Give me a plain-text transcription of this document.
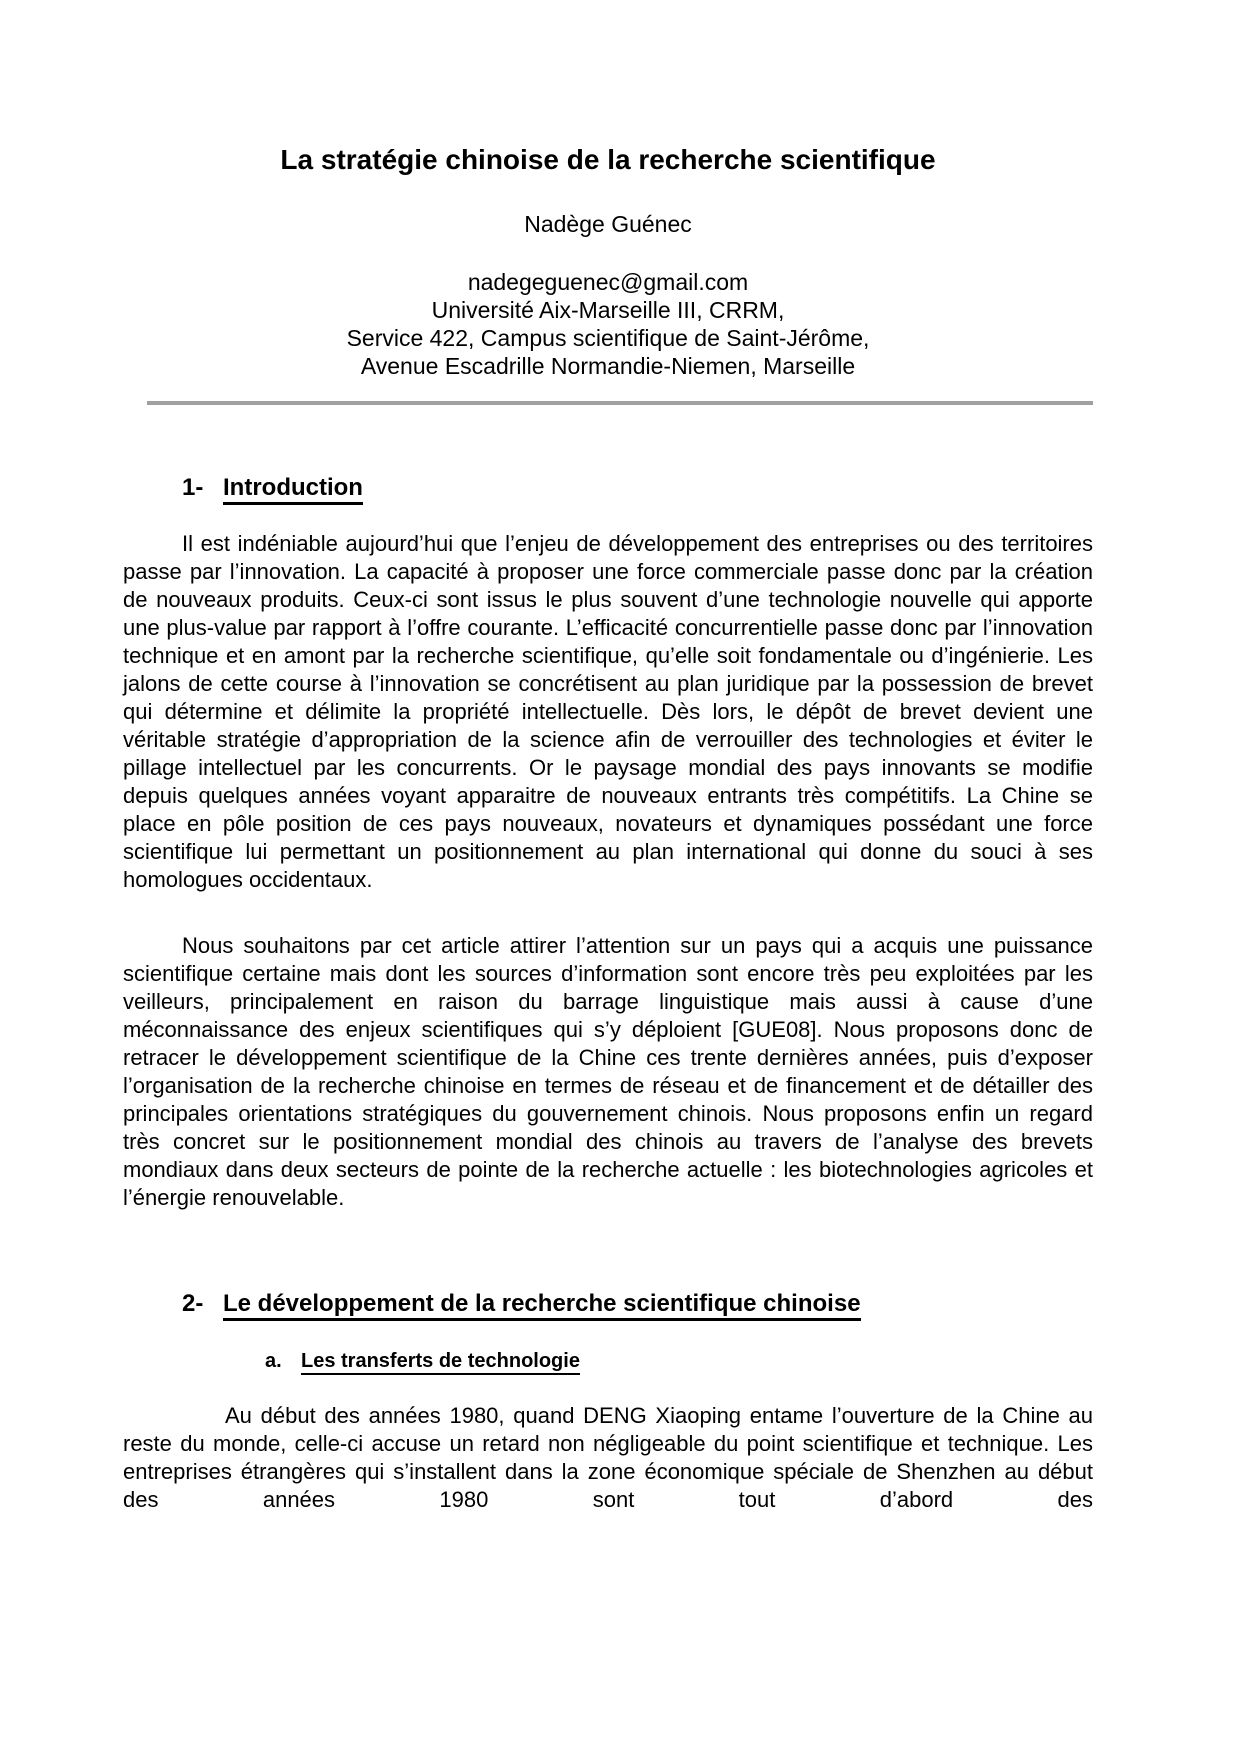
La stratégie chinoise de la recherche scientifique
Nadège Guénec
nadegeguenec@gmail.com
Université Aix-Marseille III, CRRM,
Service 422, Campus scientifique de Saint-Jérôme,
Avenue Escadrille Normandie-Niemen, Marseille
1- Introduction

Il est indéniable aujourd’hui que l’enjeu de développement des entreprises ou des territoires passe par l’innovation. La capacité à proposer une force commerciale passe donc par la création de nouveaux produits. Ceux-ci sont issus le plus souvent d’une technologie nouvelle qui apporte une plus-value par rapport à l’offre courante. L’efficacité concurrentielle passe donc par l’innovation technique et en amont par la recherche scientifique, qu’elle soit fondamentale ou d’ingénierie. Les jalons de cette course à l’innovation se concrétisent au plan juridique par la possession de brevet qui détermine et délimite la propriété intellectuelle. Dès lors, le dépôt de brevet devient une véritable stratégie d’appropriation de la science afin de verrouiller des technologies et éviter le pillage intellectuel par les concurrents. Or le paysage mondial des pays innovants se modifie depuis quelques années voyant apparaitre de nouveaux entrants très compétitifs. La Chine se place en pôle position de ces pays nouveaux, novateurs et dynamiques possédant une force scientifique lui permettant un positionnement au plan international qui donne du souci à ses homologues occidentaux.

Nous souhaitons par cet article attirer l’attention sur un pays qui a acquis une puissance scientifique certaine mais dont les sources d’information sont encore très peu exploitées par les veilleurs, principalement en raison du barrage linguistique mais aussi à cause d’une méconnaissance des enjeux scientifiques qui s’y déploient [GUE08]. Nous proposons donc de retracer le développement scientifique de la Chine ces trente dernières années, puis d’exposer l’organisation de la recherche chinoise en termes de réseau et de financement et de détailler des principales orientations stratégiques du gouvernement chinois. Nous proposons enfin un regard très concret sur le positionnement mondial des chinois au travers de l’analyse des brevets mondiaux dans deux secteurs de pointe de la recherche actuelle : les biotechnologies agricoles et l’énergie renouvelable.

2- Le développement de la recherche scientifique chinoise
a. Les transferts de technologie

Au début des années 1980, quand DENG Xiaoping entame l’ouverture de la Chine au reste du monde, celle-ci accuse un retard non négligeable du point scientifique et technique. Les entreprises étrangères qui s’installent dans la zone économique spéciale de Shenzhen au début des années 1980 sont tout d’abord des
